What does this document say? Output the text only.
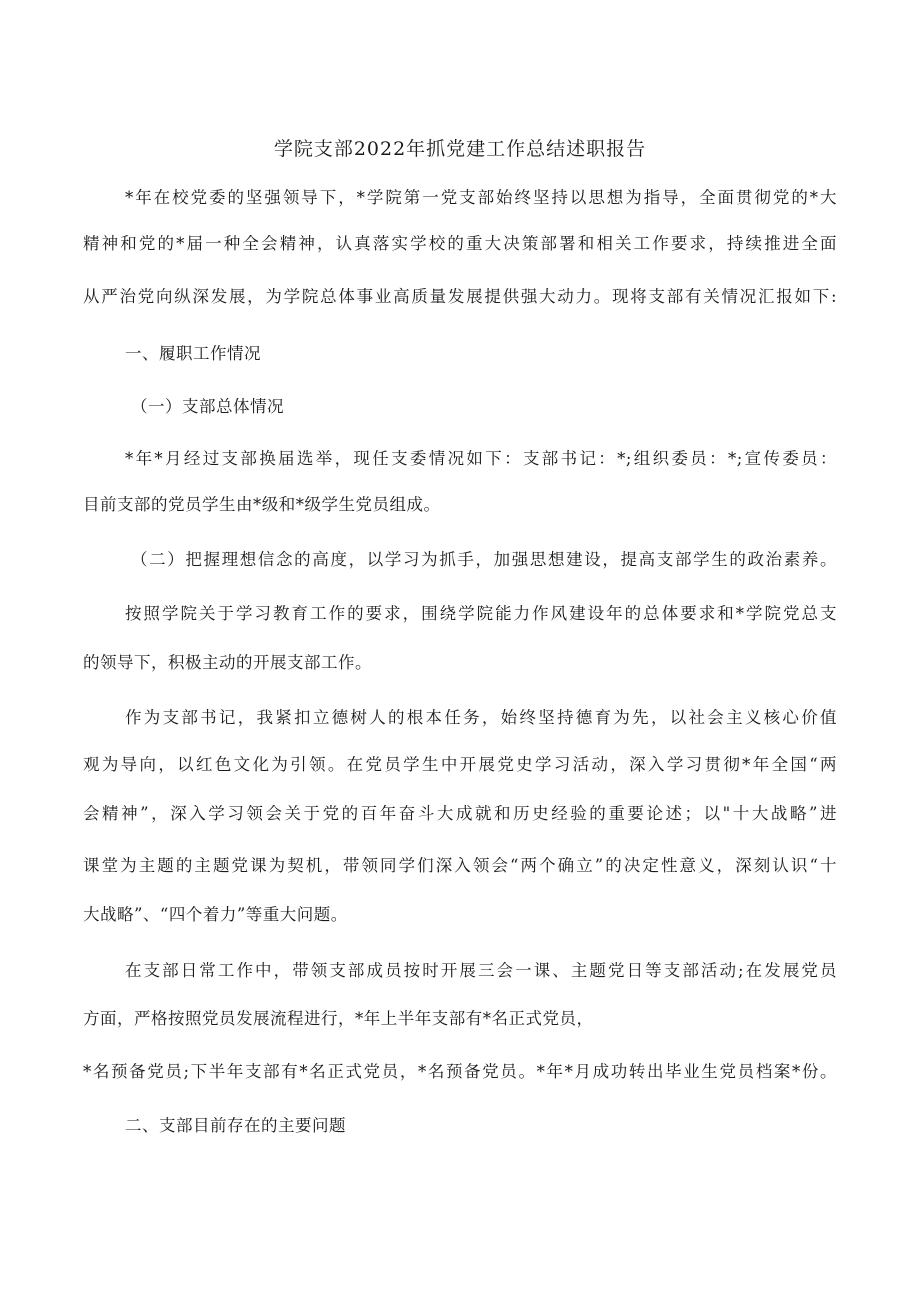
学院支部2022年抓党建工作总结述职报告

*年在校党委的坚强领导下，*学院第一党支部始终坚持以思想为指导，全面贯彻党的*大

精神和党的*届一种全会精神，认真落实学校的重大决策部署和相关工作要求，持续推进全面

从严治党向纵深发展，为学院总体事业高质量发展提供强大动力。现将支部有关情况汇报如下:

一、履职工作情况

（一）支部总体情况

*年*月经过支部换届选举，现任支委情况如下：支部书记：*;组织委员：*;宣传委员：

目前支部的党员学生由*级和*级学生党员组成。

（二）把握理想信念的高度，以学习为抓手，加强思想建设，提高支部学生的政治素养。

按照学院关于学习教育工作的要求，围绕学院能力作风建设年的总体要求和*学院党总支

的领导下，积极主动的开展支部工作。

作为支部书记，我紧扣立德树人的根本任务，始终坚持德育为先，以社会主义核心价值

观为导向，以红色文化为引领。在党员学生中开展党史学习活动，深入学习贯彻*年全国“两

会精神”，深入学习领会关于党的百年奋斗大成就和历史经验的重要论述；以"十大战略”进

课堂为主题的主题党课为契机，带领同学们深入领会“两个确立”的决定性意义，深刻认识“十

大战略”、“四个着力”等重大问题。

在支部日常工作中，带领支部成员按时开展三会一课、主题党日等支部活动;在发展党员

方面，严格按照党员发展流程进行，*年上半年支部有*名正式党员，

*名预备党员;下半年支部有*名正式党员，*名预备党员。*年*月成功转出毕业生党员档案*份。

二、支部目前存在的主要问题
